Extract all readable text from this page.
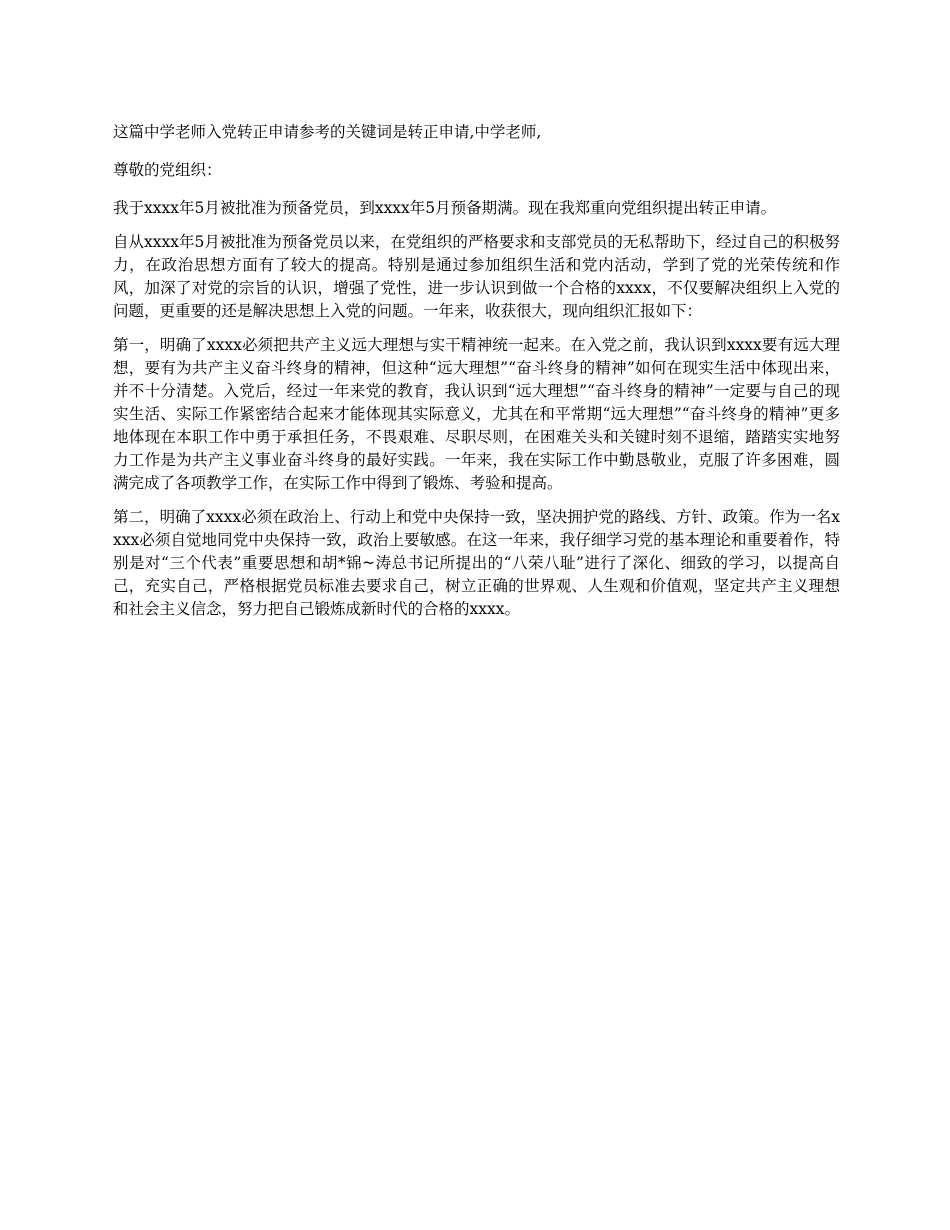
这篇中学老师入党转正申请参考的关键词是转正申请,中学老师,

尊敬的党组织：

我于xxxx年5月被批准为预备党员，到xxxx年5月预备期满。现在我郑重向党组织提出转正申请。

自从xxxx年5月被批准为预备党员以来，在党组织的严格要求和支部党员的无私帮助下，经过自己的积极努力，在政治思想方面有了较大的提高。特别是通过参加组织生活和党内活动，学到了党的光荣传统和作风，加深了对党的宗旨的认识，增强了党性，进一步认识到做一个合格的xxxx，不仅要解决组织上入党的问题，更重要的还是解决思想上入党的问题。一年来，收获很大，现向组织汇报如下：

第一，明确了xxxx必须把共产主义远大理想与实干精神统一起来。在入党之前，我认识到xxxx要有远大理想，要有为共产主义奋斗终身的精神，但这种“远大理想”“奋斗终身的精神”如何在现实生活中体现出来，并不十分清楚。入党后，经过一年来党的教育，我认识到“远大理想”“奋斗终身的精神”一定要与自己的现实生活、实际工作紧密结合起来才能体现其实际意义，尤其在和平常期“远大理想”“奋斗终身的精神”更多地体现在本职工作中勇于承担任务，不畏艰难、尽职尽则，在困难关头和关键时刻不退缩，踏踏实实地努力工作是为共产主义事业奋斗终身的最好实践。一年来，我在实际工作中勤恳敬业，克服了许多困难，圆满完成了各项教学工作，在实际工作中得到了锻炼、考验和提高。

第二，明确了xxxx必须在政治上、行动上和党中央保持一致，坚决拥护党的路线、方针、政策。作为一名xxxx必须自觉地同党中央保持一致，政治上要敏感。在这一年来，我仔细学习党的基本理论和重要着作，特别是对“三个代表”重要思想和胡*锦~涛总书记所提出的“八荣八耻”进行了深化、细致的学习，以提高自己，充实自己，严格根据党员标准去要求自己，树立正确的世界观、人生观和价值观，坚定共产主义理想和社会主义信念，努力把自己锻炼成新时代的合格的xxxx。
